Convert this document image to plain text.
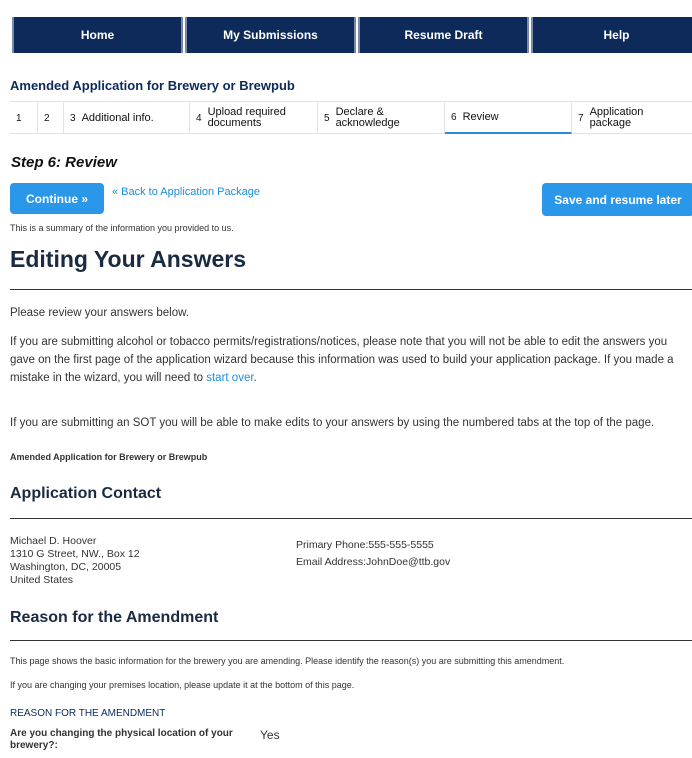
Home	My Submissions	Resume Draft	Help
Amended Application for Brewery or Brewpub
1 2 3 Additional info.	4 Upload required documents	5 Declare & acknowledge	6 Review	7 Application package
Step 6: Review
Continue »	« Back to Application Package
Save and resume later
This is a summary of the information you provided to us.
Editing Your Answers
Please review your answers below.
If you are submitting alcohol or tobacco permits/registrations/notices, please note that you will not be able to edit the answers you gave on the first page of the application wizard because this information was used to build your application package. If you made a mistake in the wizard, you will need to start over.
If you are submitting an SOT you will be able to make edits to your answers by using the numbered tabs at the top of the page.
Amended Application for Brewery or Brewpub
Application Contact
Michael D. Hoover
1310 G Street, NW., Box 12
Washington, DC, 20005
United States
Primary Phone:555-555-5555
Email Address:JohnDoe@ttb.gov
Reason for the Amendment
This page shows the basic information for the brewery you are amending. Please identify the reason(s) you are submitting this amendment.
If you are changing your premises location, please update it at the bottom of this page.
REASON FOR THE AMENDMENT
Are you changing the physical location of your brewery?:
Yes
